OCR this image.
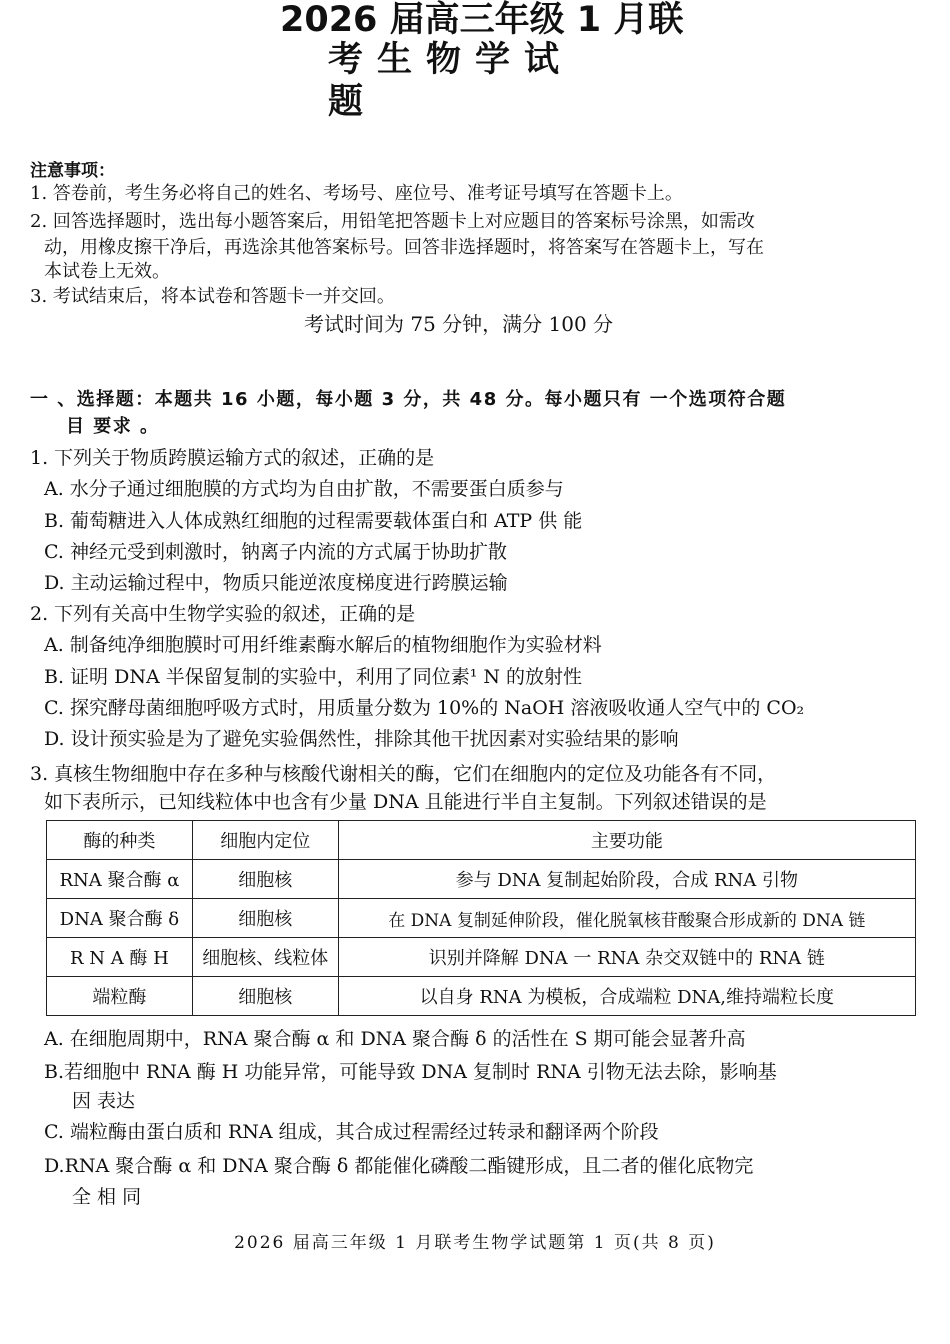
2026 届高三年级 1 月联
考生物学试
题
注意事项：
1. 答卷前，考生务必将自己的姓名、考场号、座位号、准考证号填写在答题卡上。
2. 回答选择题时，选出每小题答案后，用铅笔把答题卡上对应题目的答案标号涂黑，如需改
动，用橡皮擦干净后，再选涂其他答案标号。回答非选择题时，将答案写在答题卡上，写在
本试卷上无效。
3. 考试结束后，将本试卷和答题卡一并交回。
考试时间为 75 分钟，满分 100 分
一 、选择题：本题共 16 小题，每小题 3 分，共 48 分。每小题只有 一个选项符合题
目 要求 。
1. 下列关于物质跨膜运输方式的叙述，正确的是
A. 水分子通过细胞膜的方式均为自由扩散，不需要蛋白质参与
B. 葡萄糖进入人体成熟红细胞的过程需要载体蛋白和 ATP 供 能
C. 神经元受到刺激时，钠离子内流的方式属于协助扩散
D. 主动运输过程中，物质只能逆浓度梯度进行跨膜运输
2. 下列有关高中生物学实验的叙述，正确的是
A. 制备纯净细胞膜时可用纤维素酶水解后的植物细胞作为实验材料
B. 证明 DNA 半保留复制的实验中，利用了同位素¹ N 的放射性
C. 探究酵母菌细胞呼吸方式时，用质量分数为 10%的 NaOH 溶液吸收通人空气中的 CO₂
D. 设计预实验是为了避免实验偶然性，排除其他干扰因素对实验结果的影响
3. 真核生物细胞中存在多种与核酸代谢相关的酶，它们在细胞内的定位及功能各有不同，
如下表所示，已知线粒体中也含有少量 DNA 且能进行半自主复制。下列叙述错误的是
酶的种类	细胞内定位	主要功能
RNA 聚合酶 α	细胞核	参与 DNA 复制起始阶段，合成 RNA 引物
DNA 聚合酶 δ	细胞核	在 DNA 复制延伸阶段，催化脱氧核苷酸聚合形成新的 DNA 链
R N A 酶 H	细胞核、线粒体	识别并降解 DNA 一 RNA 杂交双链中的 RNA 链
端粒酶	细胞核	以自身 RNA 为模板，合成端粒 DNA,维持端粒长度
A. 在细胞周期中，RNA 聚合酶 α 和 DNA 聚合酶 δ 的活性在 S 期可能会显著升高
B.若细胞中 RNA 酶 H 功能异常，可能导致 DNA 复制时 RNA 引物无法去除，影响基
因 表达
C. 端粒酶由蛋白质和 RNA 组成，其合成过程需经过转录和翻译两个阶段
D.RNA 聚合酶 α 和 DNA 聚合酶 δ 都能催化磷酸二酯键形成，且二者的催化底物完
全 相 同
2026 届高三年级 1 月联考生物学试题第 1 页(共 8 页)
